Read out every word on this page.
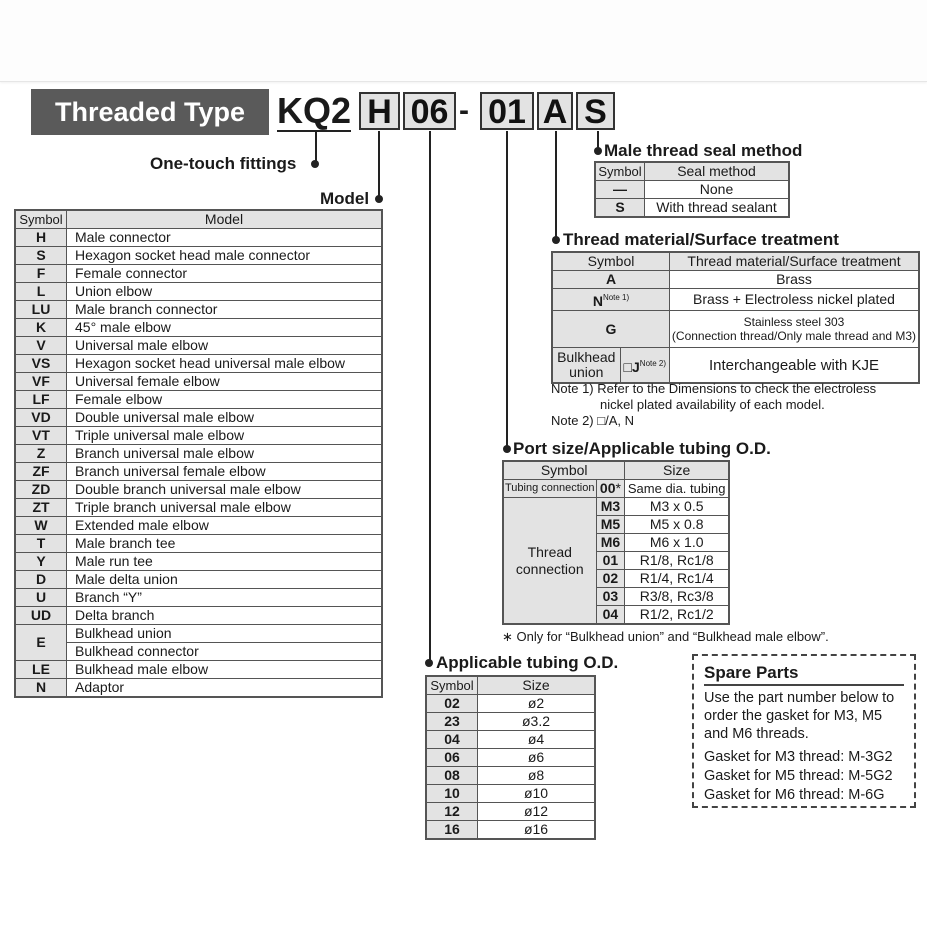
Threaded Type KQ2 H 06 - 01 A S
One-touch fittings
Model
Male thread seal method
Thread material/Surface treatment
Port size/Applicable tubing O.D.
Applicable tubing O.D.
Symbol	Model
H	Male connector
S	Hexagon socket head male connector
F	Female connector
L	Union elbow
LU	Male branch connector
K	45° male elbow
V	Universal male elbow
VS	Hexagon socket head universal male elbow
VF	Universal female elbow
LF	Female elbow
VD	Double universal male elbow
VT	Triple universal male elbow
Z	Branch universal male elbow
ZF	Branch universal female elbow
ZD	Double branch universal male elbow
ZT	Triple branch universal male elbow
W	Extended male elbow
T	Male branch tee
Y	Male run tee
D	Male delta union
U	Branch “Y”
UD	Delta branch
E	Bulkhead union
	Bulkhead connector
LE	Bulkhead male elbow
N	Adaptor
Symbol	Seal method
—	None
S	With thread sealant
Symbol		Thread material/Surface treatment
A		Brass
$N^{Note 1)}$		Brass + Electroless nickel plated
G		Stainless steel 303
(Connection thread/Only male thread and M3)

Bulkhead union	$□J^{Note 2)}$	Interchangeable with KJE
Note 1) Refer to the Dimensions to check the electroless
nickel plated availability of each model.
Note 2) □/A, N
Symbol		Size
Tubing connection	00*	Same dia. tubing

Thread
connection	M3	M3 x 0.5
	M5	M5 x 0.8
	M6	M6 x 1.0
	01	R1/8, Rc1/8
	02	R1/4, Rc1/4
	03	R3/8, Rc3/8
	04	R1/2, Rc1/2
∗ Only for “Bulkhead union” and “Bulkhead male elbow”.
Symbol	Size
02	ø2
23	ø3.2
04	ø4
06	ø6
08	ø8
10	ø10
12	ø12
16	ø16
Spare Parts
Use the part number below to
order the gasket for M3, M5
and M6 threads.
Gasket for M3 thread: M-3G2
Gasket for M5 thread: M-5G2
Gasket for M6 thread: M-6G
